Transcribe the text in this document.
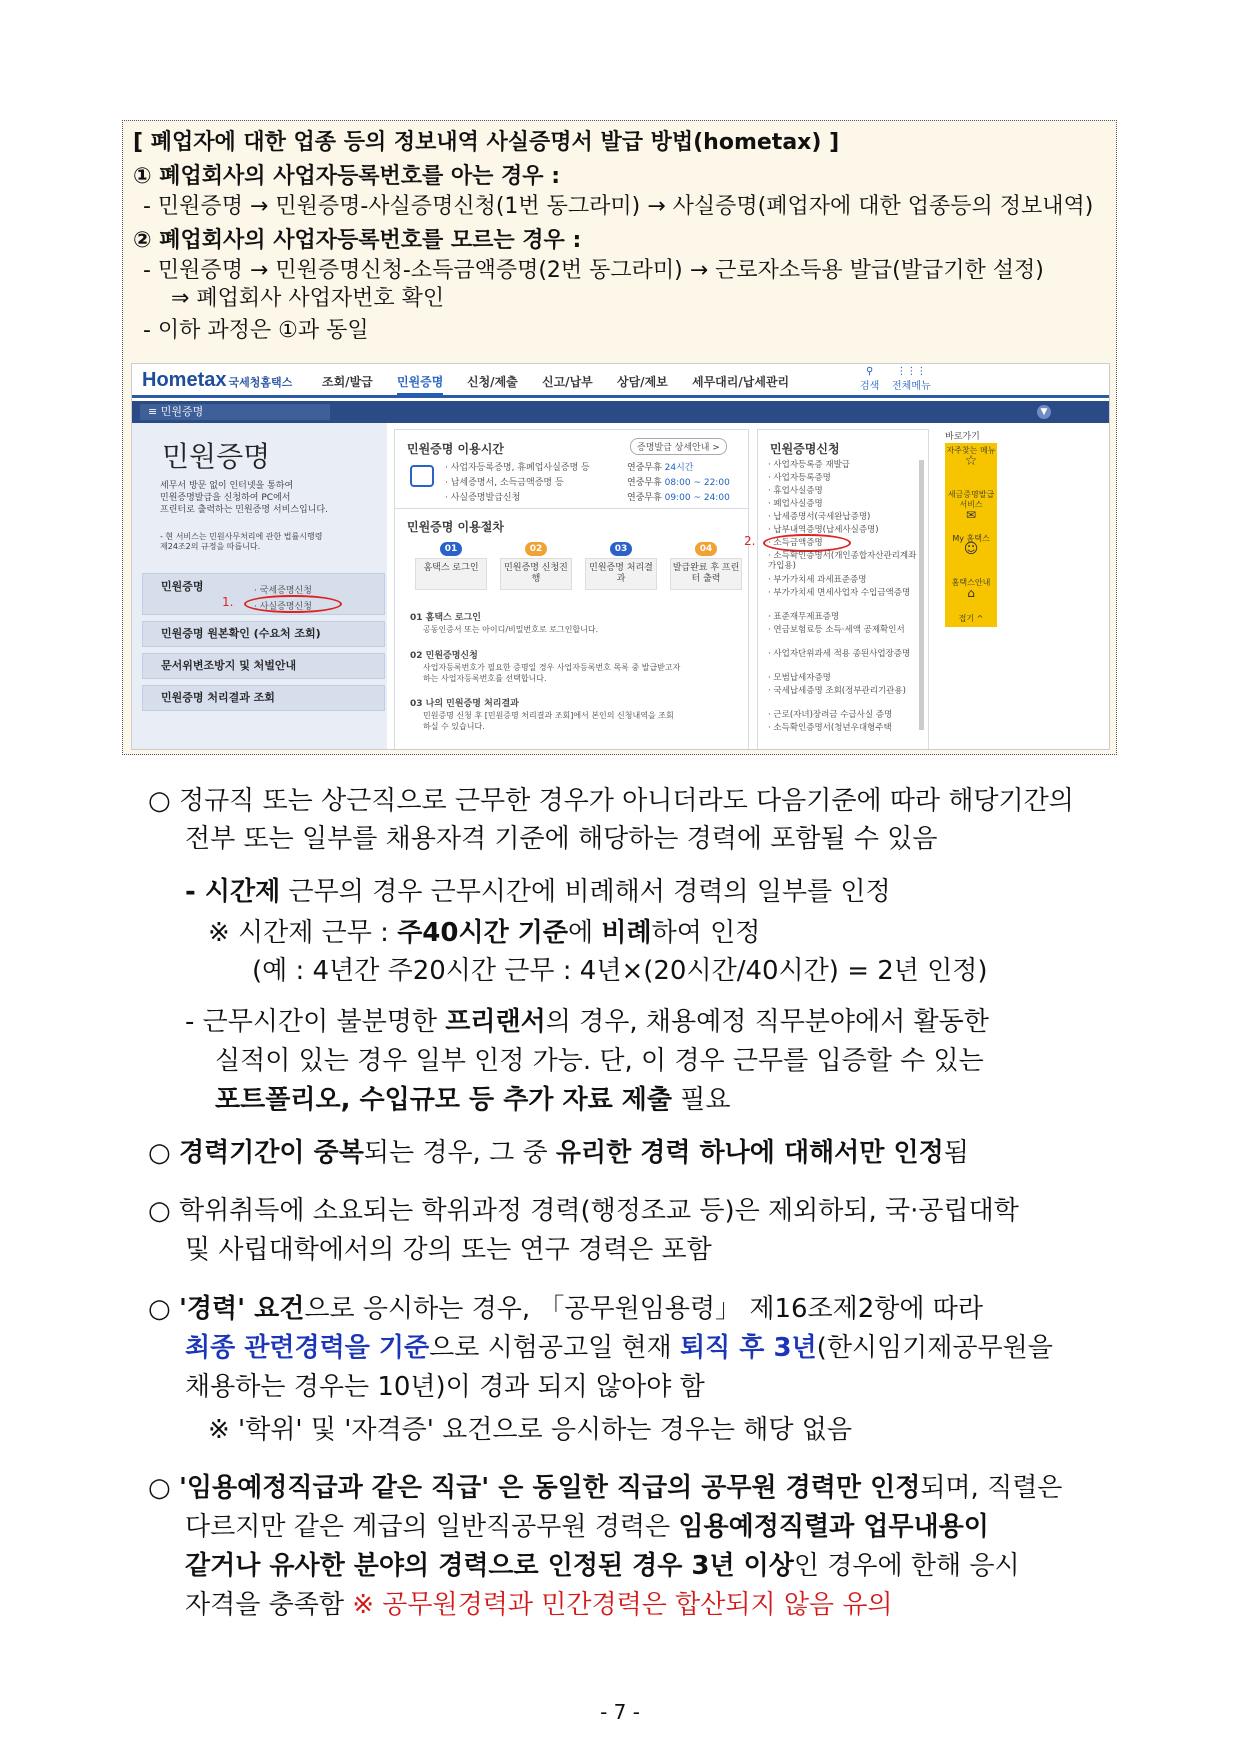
[ 폐업자에 대한 업종 등의 정보내역 사실증명서 발급 방법(hometax) ]
① 폐업회사의 사업자등록번호를 아는 경우 :
- 민원증명 → 민원증명-사실증명신청(1번 동그라미) → 사실증명(폐업자에 대한 업종등의 정보내역)
② 폐업회사의 사업자등록번호를 모르는 경우 :
- 민원증명 → 민원증명신청-소득금액증명(2번 동그라미) → 근로자소득용 발급(발급기한 설정)
⇒ 폐업회사 사업자번호 확인
- 이하 과정은 ①과 동일
Hometax 국세청홈택스 조회/발급 민원증명 신청/제출 신고/납부 상담/제보 세무대리/납세관리
⚲
검색
⋮⋮⋮
전체메뉴
≡ 민원증명	▼
민원증명
세무서 방문 없이 인터넷을 통하여
민원증명발급을 신청하여 PC에서
프린터로 출력하는 민원증명 서비스입니다.
- 현 서비스는 민원사무처리에 관한 법률시행령
제24조2의 규정을 따릅니다.
민원증명	· 국세증명신청
· 사실증명신청
1.
민원증명 원본확인 (수요처 조회)
문서위변조방지 및 처벌안내
민원증명 처리결과 조회
민원증명 이용시간	증명발급 상세안내 >
· 사업자등록증명, 휴폐업사실증명 등	연중무휴 24시간
· 납세증명서, 소득금액증명 등	연중무휴 08:00 ~ 22:00
· 사실증명발급신청	연중무휴 09:00 ~ 24:00
민원증명 이용절차
01
홈택스 로그인
02
민원증명 신청진행
03
민원증명 처리결과
04
발급완료 후 프린터 출력
01 홈택스 로그인
공동인증서 또는 아이디/비밀번호로 로그인합니다.
02 민원증명신청
사업자등록번호가 필요한 증명일 경우 사업자등록번호 목록 중 발급받고자
하는 사업자등록번호를 선택합니다.
03 나의 민원증명 처리결과
민원증명 신청 후 [민원증명 처리결과 조회]에서 본인의 신청내역을 조회
하실 수 있습니다.
민원증명신청
· 사업자등록증 재발급
· 사업자등록증명
· 휴업사실증명
· 폐업사실증명
· 납세증명서(국세완납증명)
· 납부내역증명(납세사실증명)
· 소득금액증명
2.
· 소득확인증명서(개인종합자산관리계좌 가입용)
· 부가가치세 과세표준증명
· 부가가치세 면세사업자 수입금액증명
· 표준재무제표증명
· 연금보험료등 소득·세액 공제확인서
· 사업자단위과세 적용 종된사업장증명
· 모범납세자증명
· 국세납세증명 조회(정부관리기관용)
· 근로(자녀)장려금 수급사실 증명
· 소득확인증명서(청년우대형주택
바로가기
자주찾는 메뉴
☆
세금증명발급 서비스
✉
My 홈택스
☺
홈택스안내
⌂
접기 ^
○ 정규직 또는 상근직으로 근무한 경우가 아니더라도 다음기준에 따라 해당기간의
전부 또는 일부를 채용자격 기준에 해당하는 경력에 포함될 수 있음
- 시간제 근무의 경우 근무시간에 비례해서 경력의 일부를 인정
※ 시간제 근무 : 주40시간 기준에 비례하여 인정
(예 : 4년간 주20시간 근무 : 4년×(20시간/40시간) = 2년 인정)
- 근무시간이 불분명한 프리랜서의 경우, 채용예정 직무분야에서 활동한
실적이 있는 경우 일부 인정 가능. 단, 이 경우 근무를 입증할 수 있는
포트폴리오, 수입규모 등 추가 자료 제출 필요
○ 경력기간이 중복되는 경우, 그 중 유리한 경력 하나에 대해서만 인정됨
○ 학위취득에 소요되는 학위과정 경력(행정조교 등)은 제외하되, 국·공립대학
및 사립대학에서의 강의 또는 연구 경력은 포함
○ '경력' 요건으로 응시하는 경우, 「공무원임용령」 제16조제2항에 따라
최종 관련경력을 기준으로 시험공고일 현재 퇴직 후 3년(한시임기제공무원을
채용하는 경우는 10년)이 경과 되지 않아야 함
※ '학위' 및 '자격증' 요건으로 응시하는 경우는 해당 없음
○ '임용예정직급과 같은 직급' 은 동일한 직급의 공무원 경력만 인정되며, 직렬은
다르지만 같은 계급의 일반직공무원 경력은 임용예정직렬과 업무내용이
같거나 유사한 분야의 경력으로 인정된 경우 3년 이상인 경우에 한해 응시
자격을 충족함 ※ 공무원경력과 민간경력은 합산되지 않음 유의
- 7 -
